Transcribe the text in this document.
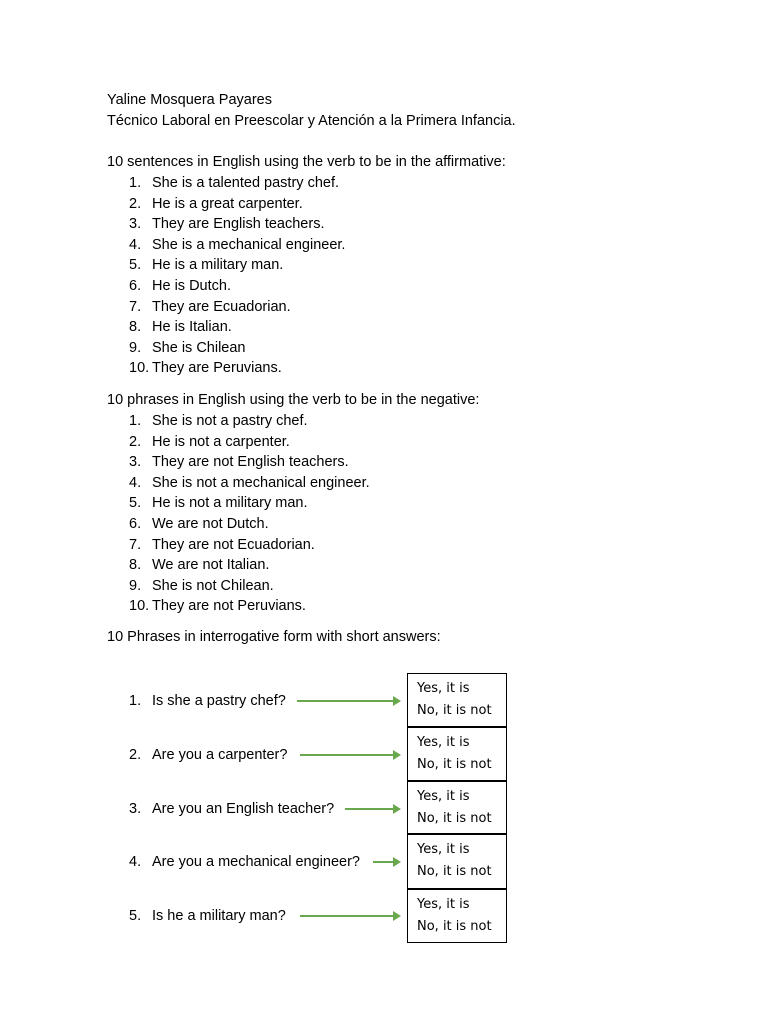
Yaline Mosquera Payares
Técnico Laboral en Preescolar y Atención a la Primera Infancia.
10 sentences in English using the verb to be in the affirmative:
1. She is a talented pastry chef.
2. He is a great carpenter.
3. They are English teachers.
4. She is a mechanical engineer.
5. He is a military man.
6. He is Dutch.
7. They are Ecuadorian.
8. He is Italian.
9. She is Chilean
10. They are Peruvians.
10 phrases in English using the verb to be in the negative:
1. She is not a pastry chef.
2. He is not a carpenter.
3. They are not English teachers.
4. She is not a mechanical engineer.
5. He is not a military man.
6. We are not Dutch.
7. They are not Ecuadorian.
8. We are not Italian.
9. She is not Chilean.
10. They are not Peruvians.
10 Phrases in interrogative form with short answers:
1. Is she a pastry chef?
Yes, it is
No, it is not
2. Are you a carpenter?
Yes, it is
No, it is not
3. Are you an English teacher?
Yes, it is
No, it is not
4. Are you a mechanical engineer?
Yes, it is
No, it is not
5. Is he a military man?
Yes, it is
No, it is not
